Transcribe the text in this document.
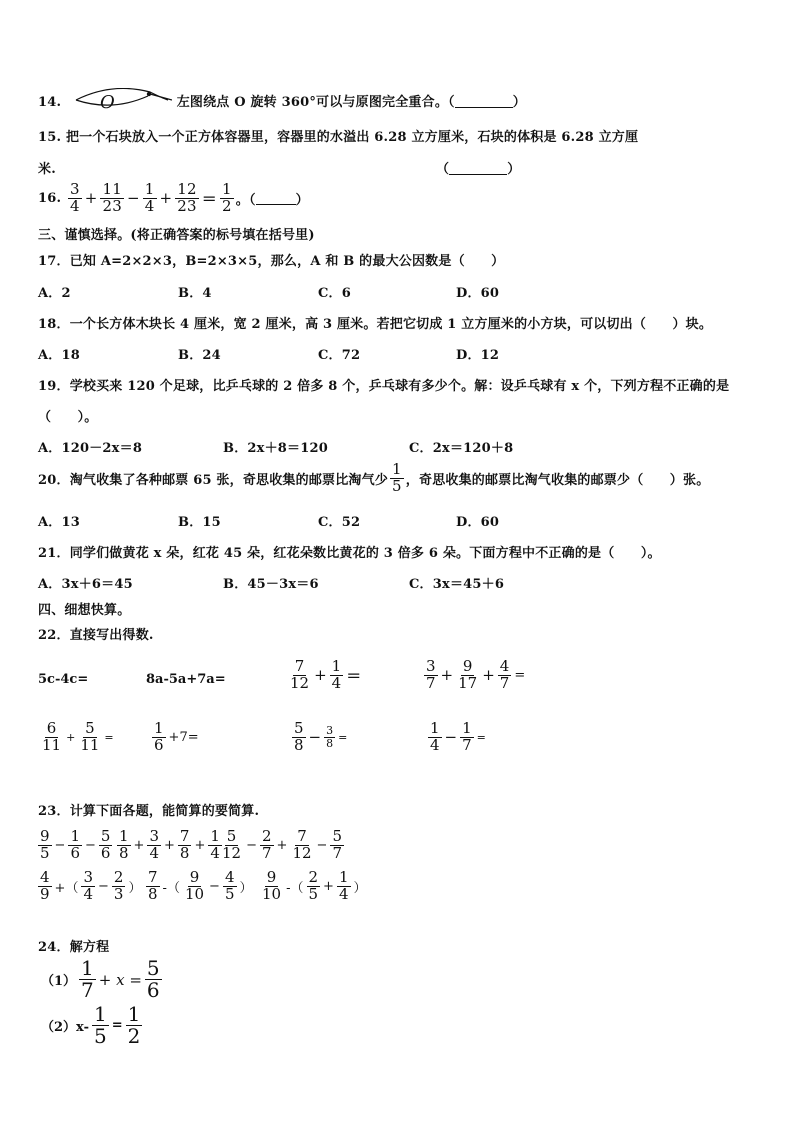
14. O	左图绕点 O 旋转 360°可以与原图完全重合。（	）
15. 把一个石块放入一个正方体容器里，容器里的水溢出 6.28 立方厘米，石块的体积是 6.28 立方厘
米.	（	）
16. $\frac{3}{4} + \frac{11}{23} - \frac{1}{4} + \frac{12}{23} = \frac{1}{2}$ 。（	）
三、谨慎选择。(将正确答案的标号填在括号里)
17．已知 A=2×2×3，B=2×3×5，那么，A 和 B 的最大公因数是（　　）
A．2	B．4	C．6	D．60
18．一个长方体木块长 4 厘米，宽 2 厘米，高 3 厘米。若把它切成 1 立方厘米的小方块，可以切出（　　）块。
A．18	B．24	C．72	D．12
19．学校买来 120 个足球，比乒乓球的 2 倍多 8 个，乒乓球有多少个。解：设乒乓球有 x 个，下列方程不正确的是
（　　）。
A．120－2x＝8	B．2x＋8＝120	C．2x＝120＋8
20．淘气收集了各种邮票 65 张，奇思收集的邮票比淘气少 $\frac{1}{5}$ ，奇思收集的邮票比淘气收集的邮票少（　　）张。
A．13	B．15	C．52	D．60
21．同学们做黄花 x 朵，红花 45 朵，红花朵数比黄花的 3 倍多 6 朵。下面方程中不正确的是（　　）。
A．3x＋6＝45	B．45－3x＝6	C．3x＝45＋6
四、细想快算。
22．直接写出得数.
5c-4c=	8a-5a+7a=	$\frac{7}{12} + \frac{1}{4}$ ＝	$\frac{3}{7} + \frac{9}{17} + \frac{4}{7}$ =
$\frac{6}{11} + \frac{5}{11}$ =	$\frac{1}{6} +7=$	$\frac{5}{8} - \frac{3}{8}$ =	$\frac{1}{4} - \frac{1}{7}$ =
23．计算下面各题，能简算的要简算.
$\frac{9}{5} - \frac{1}{6} - \frac{5}{6} \frac{1}{8} + \frac{3}{4} + \frac{7}{8} + \frac{1}{4}$
$\frac{5}{12} - \frac{2}{7} + \frac{7}{12} - \frac{5}{7}$
$\frac{4}{9}$ +（ $\frac{3}{4} - \frac{2}{3}$ ） $\frac{7}{8}$ -（ $\frac{9}{10} - \frac{4}{5}$ ） $\frac{9}{10}$ -（ $\frac{2}{5} + \frac{1}{4}$ ）
24．解方程
$(1) \frac{1}{7} + x = \frac{5}{6}$
$(2)x- \frac{1}{5} = \frac{1}{2}$
